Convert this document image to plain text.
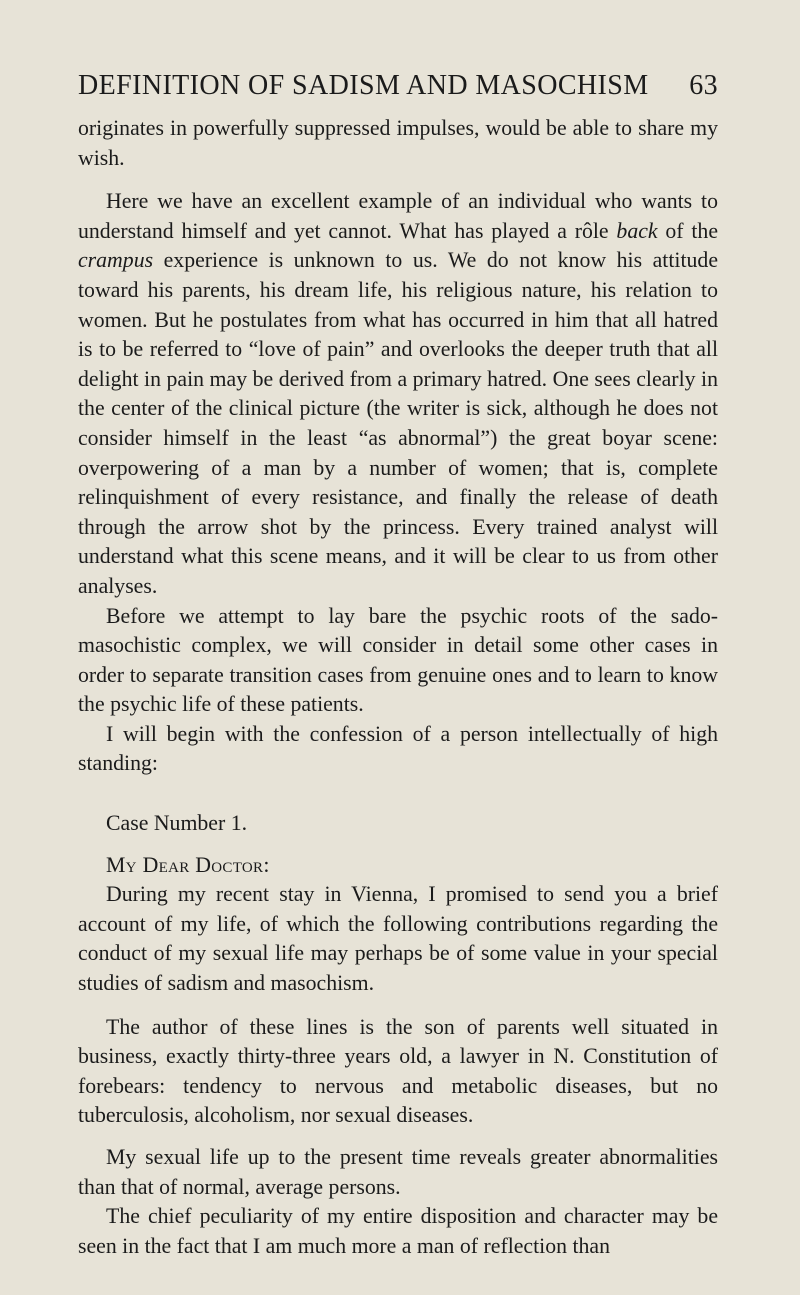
DEFINITION OF SADISM AND MASOCHISM 63

originates in powerfully suppressed impulses, would be able to share my wish.

Here we have an excellent example of an individual who wants to understand himself and yet cannot. What has played a rôle back of the crampus experience is unknown to us. We do not know his attitude toward his parents, his dream life, his religious nature, his relation to women. But he postulates from what has occurred in him that all hatred is to be referred to “love of pain” and overlooks the deeper truth that all delight in pain may be derived from a primary hatred. One sees clearly in the center of the clinical picture (the writer is sick, although he does not consider himself in the least “as abnormal”) the great boyar scene: overpowering of a man by a number of women; that is, complete relinquishment of every resistance, and finally the release of death through the arrow shot by the princess. Every trained analyst will understand what this scene means, and it will be clear to us from other analyses.

Before we attempt to lay bare the psychic roots of the sado-masochistic complex, we will consider in detail some other cases in order to separate transition cases from genuine ones and to learn to know the psychic life of these patients.

I will begin with the confession of a person intellectually of high standing:

Case Number 1.

My Dear Doctor:

During my recent stay in Vienna, I promised to send you a brief account of my life, of which the following contributions regarding the conduct of my sexual life may perhaps be of some value in your special studies of sadism and masochism.

The author of these lines is the son of parents well situated in business, exactly thirty-three years old, a lawyer in N. Constitution of forebears: tendency to nervous and metabolic diseases, but no tuberculosis, alcoholism, nor sexual diseases.

My sexual life up to the present time reveals greater abnormalities than that of normal, average persons.

The chief peculiarity of my entire disposition and character may be seen in the fact that I am much more a man of reflection than
